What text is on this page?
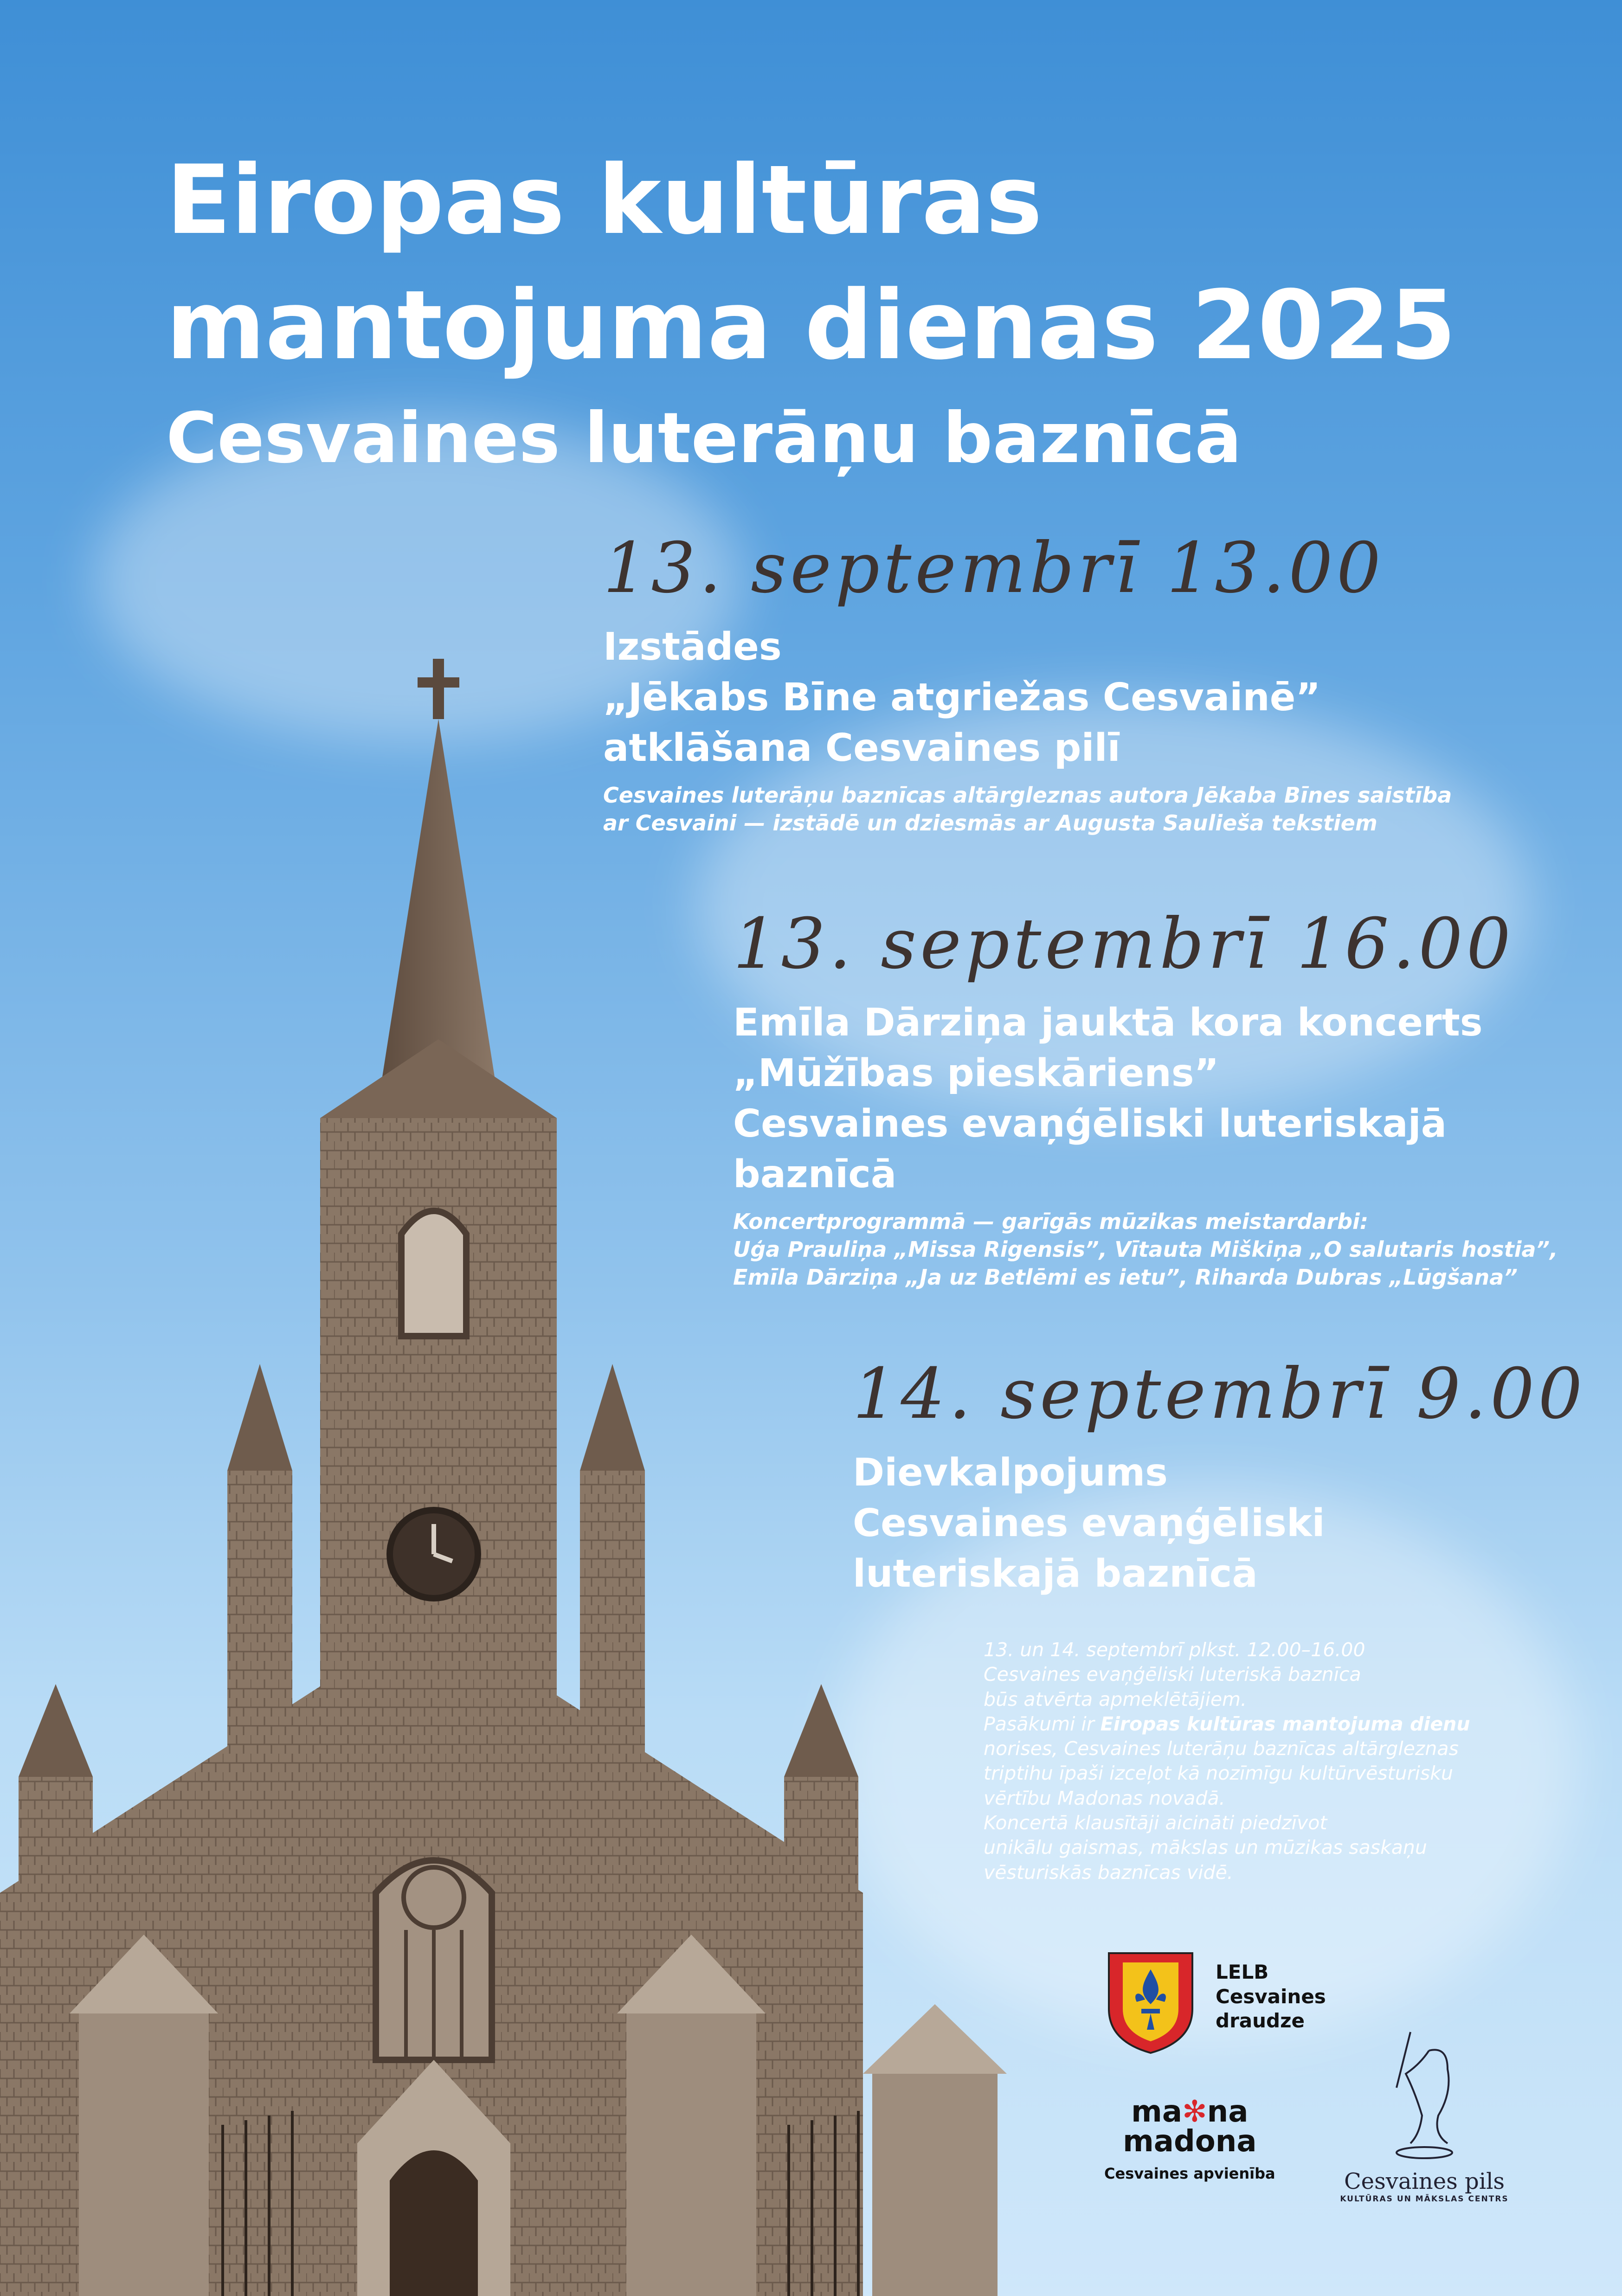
Eiropas kultūras
mantojuma dienas 2025
Cesvaines luterāņu baznīcā
13. septembrī 13.00
Izstādes
„Jēkabs Bīne atgriežas Cesvainē”
atklāšana Cesvaines pilī
Cesvaines luterāņu baznīcas altārgleznas autora Jēkaba Bīnes saistība
ar Cesvaini — izstādē un dziesmās ar Augusta Saulieša tekstiem
13. septembrī 16.00
Emīla Dārziņa jauktā kora koncerts
„Mūžības pieskāriens”
Cesvaines evaņģēliski luteriskajā
baznīcā
Koncertprogrammā — garīgās mūzikas meistardarbi:
Uģa Prauliņa „Missa Rigensis”, Vītauta Miškiņa „O salutaris hostia”,
Emīla Dārziņa „Ja uz Betlēmi es ietu”, Riharda Dubras „Lūgšana”
14. septembrī 9.00
Dievkalpojums
Cesvaines evaņģēliski
luteriskajā baznīcā
13. un 14. septembrī plkst. 12.00–16.00
Cesvaines evaņģēliski luteriskā baznīca
būs atvērta apmeklētājiem.
Pasākumi ir Eiropas kultūras mantojuma dienu
norises, Cesvaines luterāņu baznīcas altārgleznas
triptihu īpaši izceļot kā nozīmīgu kultūrvēsturisku
vērtību Madonas novadā.
Koncertā klausītāji aicināti piedzīvot
unikālu gaismas, mākslas un mūzikas saskaņu
vēsturiskās baznīcas vidē.
LELB
Cesvaines
draudze
ma✻na
madona
Cesvaines apvienība	Cesvaines pils
KULTŪRAS UN MĀKSLAS CENTRS
